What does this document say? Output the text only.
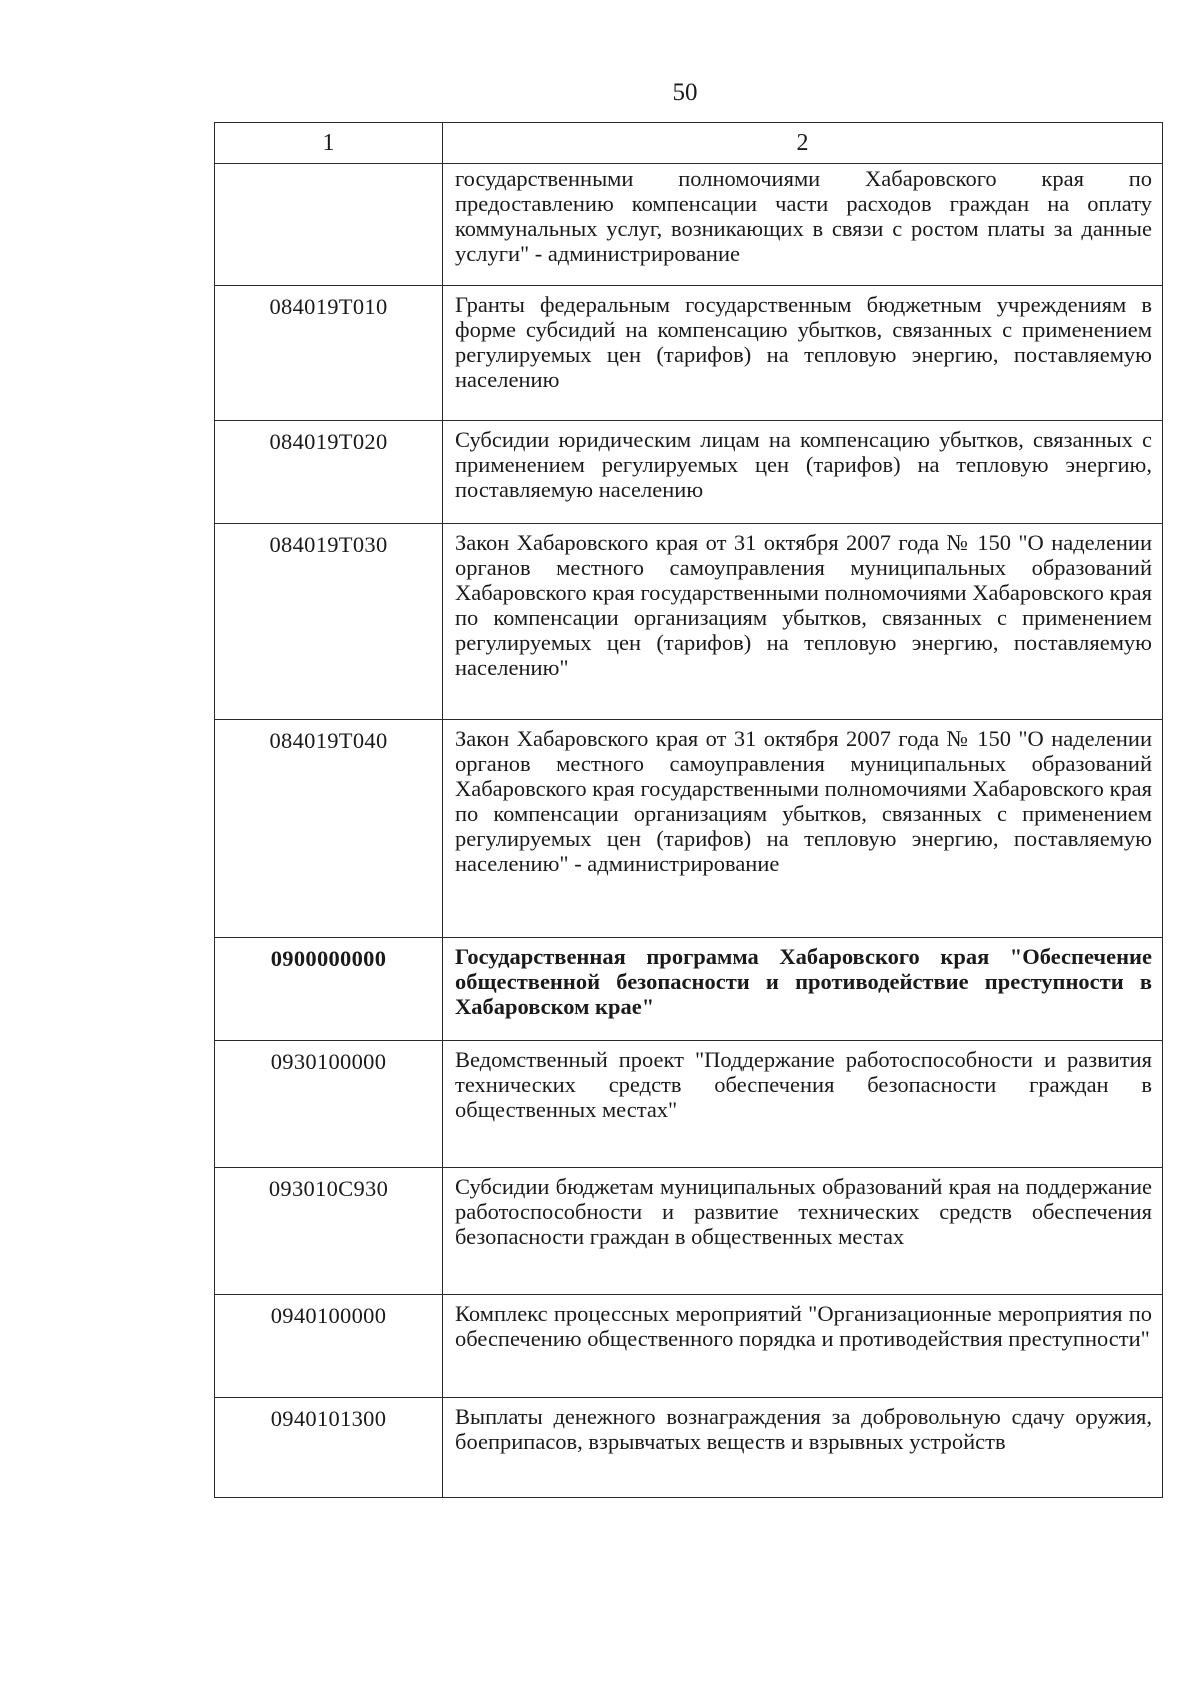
50
1	2
	государственными полномочиями Хабаровского края по предоставлению компенсации части расходов граждан на оплату коммунальных услуг, возникающих в связи с ростом платы за данные услуги" - администрирование
084019Т010	Гранты федеральным государственным бюджетным учреждениям в форме субсидий на компенсацию убытков, связанных с применением регулируемых цен (тарифов) на тепловую энергию, поставляемую населению
084019Т020	Субсидии юридическим лицам на компенсацию убытков, связанных с применением регулируемых цен (тарифов) на тепловую энергию, поставляемую населению
084019Т030	Закон Хабаровского края от 31 октября 2007 года № 150 "О наделении органов местного самоуправления муниципальных образований Хабаровского края государственными полномочиями Хабаровского края по компенсации организациям убытков, связанных с применением регулируемых цен (тарифов) на тепловую энергию, поставляемую населению"
084019Т040	Закон Хабаровского края от 31 октября 2007 года № 150 "О наделении органов местного самоуправления муниципальных образований Хабаровского края государственными полномочиями Хабаровского края по компенсации организациям убытков, связанных с применением регулируемых цен (тарифов) на тепловую энергию, поставляемую населению" - администрирование
0900000000	Государственная программа Хабаровского края "Обеспечение общественной безопасности и противодействие преступности в Хабаровском крае"
0930100000	Ведомственный проект "Поддержание работоспособности и развития технических средств обеспечения безопасности граждан в общественных местах"
093010С930	Субсидии бюджетам муниципальных образований края на поддержание работоспособности и развитие технических средств обеспечения безопасности граждан в общественных местах
0940100000	Комплекс процессных мероприятий "Организационные мероприятия по обеспечению общественного порядка и противодействия преступности"
0940101300	Выплаты денежного вознаграждения за добровольную сдачу оружия, боеприпасов, взрывчатых веществ и взрывных устройств
